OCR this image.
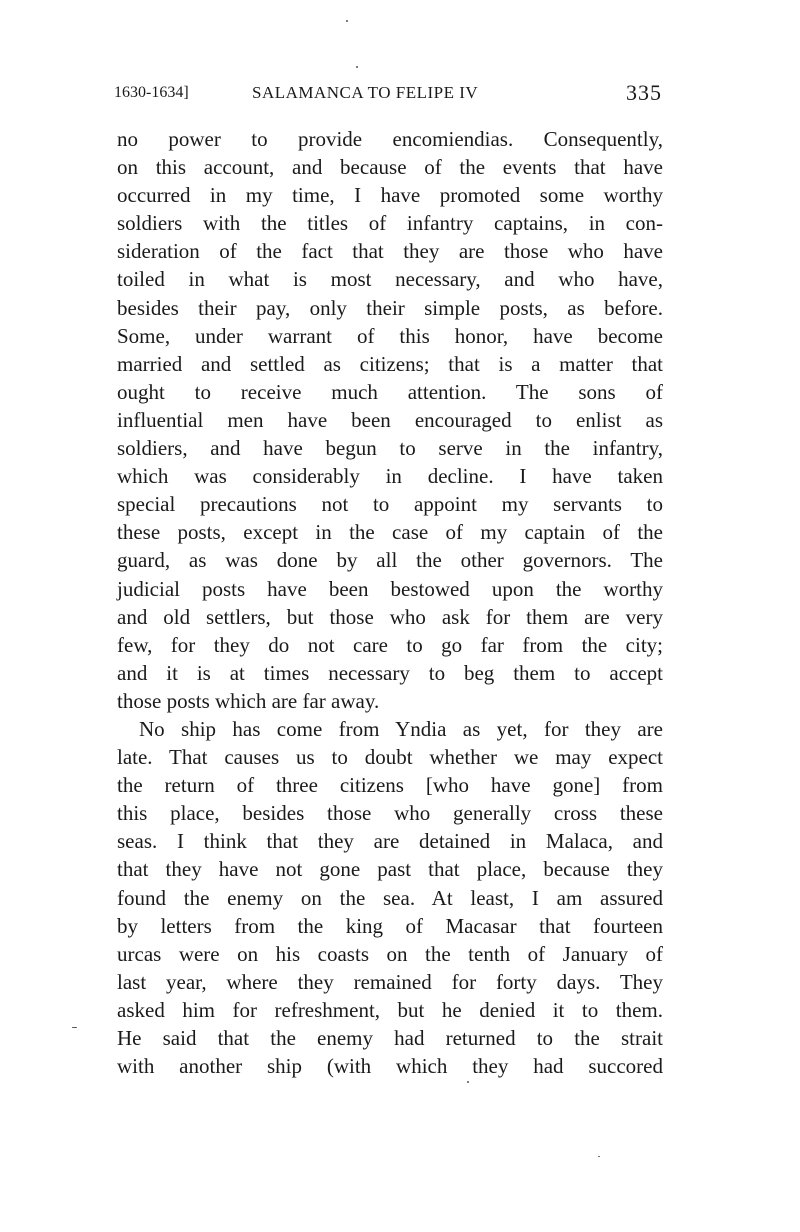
1630-1634]	SALAMANCA TO FELIPE IV	335
no power to provide encomiendias. Consequently,
on this account, and because of the events that have
occurred in my time, I have promoted some worthy
soldiers with the titles of infantry captains, in con-
sideration of the fact that they are those who have
toiled in what is most necessary, and who have,
besides their pay, only their simple posts, as before.
Some, under warrant of this honor, have become
married and settled as citizens; that is a matter that
ought to receive much attention. The sons of
influential men have been encouraged to enlist as
soldiers, and have begun to serve in the infantry,
which was considerably in decline. I have taken
special precautions not to appoint my servants to
these posts, except in the case of my captain of the
guard, as was done by all the other governors. The
judicial posts have been bestowed upon the worthy
and old settlers, but those who ask for them are very
few, for they do not care to go far from the city;
and it is at times necessary to beg them to accept
those posts which are far away.
No ship has come from Yndia as yet, for they are
late. That causes us to doubt whether we may expect
the return of three citizens [who have gone] from
this place, besides those who generally cross these
seas. I think that they are detained in Malaca, and
that they have not gone past that place, because they
found the enemy on the sea. At least, I am assured
by letters from the king of Macasar that fourteen
urcas were on his coasts on the tenth of January of
last year, where they remained for forty days. They
asked him for refreshment, but he denied it to them.
He said that the enemy had returned to the strait
with another ship (with which they had succored
